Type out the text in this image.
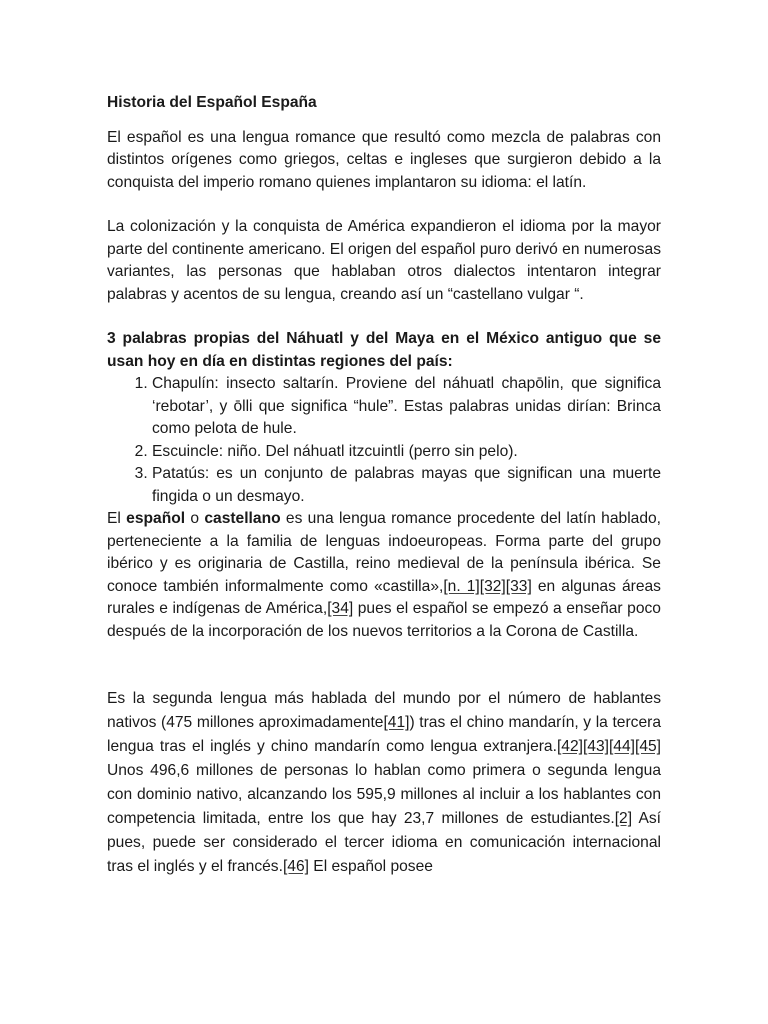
Historia del Español España

El español es una lengua romance que resultó como mezcla de palabras con distintos orígenes como griegos, celtas e ingleses que surgieron debido a la conquista del imperio romano quienes implantaron su idioma: el latín.

La colonización y la conquista de América expandieron el idioma por la mayor parte del continente americano. El origen del español puro derivó en numerosas variantes, las personas que hablaban otros dialectos intentaron integrar palabras y acentos de su lengua, creando así un “castellano vulgar “.

3 palabras propias del Náhuatl y del Maya en el México antiguo que se usan hoy en día en distintas regiones del país:

1. Chapulín: insecto saltarín. Proviene del náhuatl chapōlin, que significa ‘rebotar’, y ōlli que significa “hule”. Estas palabras unidas dirían: Brinca como pelota de hule.
2. Escuincle: niño. Del náhuatl itzcuintli (perro sin pelo).
3. Patatús: es un conjunto de palabras mayas que significan una muerte fingida o un desmayo.

El español o castellano es una lengua romance procedente del latín hablado, perteneciente a la familia de lenguas indoeuropeas. Forma parte del grupo ibérico y es originaria de Castilla, reino medieval de la península ibérica. Se conoce también informalmente como «castilla»,[n. 1][32][33] en algunas áreas rurales e indígenas de América,[34] pues el español se empezó a enseñar poco después de la incorporación de los nuevos territorios a la Corona de Castilla.

Es la segunda lengua más hablada del mundo por el número de hablantes nativos (475 millones aproximadamente[41]) tras el chino mandarín, y la tercera lengua tras el inglés y chino mandarín como lengua extranjera.[42][43][44][45] Unos 496,6 millones de personas lo hablan como primera o segunda lengua con dominio nativo, alcanzando los 595,9 millones al incluir a los hablantes con competencia limitada, entre los que hay 23,7 millones de estudiantes.[2] Así pues, puede ser considerado el tercer idioma en comunicación internacional tras el inglés y el francés.[46] El español posee
